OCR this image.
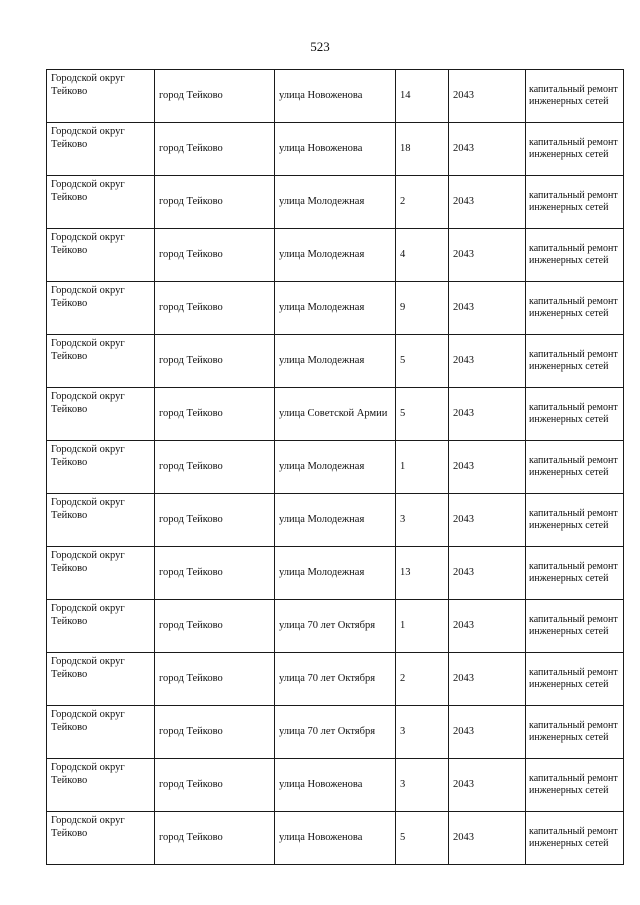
523
Городской округ Тейково	город Тейково	улица Новоженова	14	2043	капитальный ремонт инженерных сетей
Городской округ Тейково	город Тейково	улица Новоженова	18	2043	капитальный ремонт инженерных сетей
Городской округ Тейково	город Тейково	улица Молодежная	2	2043	капитальный ремонт инженерных сетей
Городской округ Тейково	город Тейково	улица Молодежная	4	2043	капитальный ремонт инженерных сетей
Городской округ Тейково	город Тейково	улица Молодежная	9	2043	капитальный ремонт инженерных сетей
Городской округ Тейково	город Тейково	улица Молодежная	5	2043	капитальный ремонт инженерных сетей
Городской округ Тейково	город Тейково	улица Советской Армии	5	2043	капитальный ремонт инженерных сетей
Городской округ Тейково	город Тейково	улица Молодежная	1	2043	капитальный ремонт инженерных сетей
Городской округ Тейково	город Тейково	улица Молодежная	3	2043	капитальный ремонт инженерных сетей
Городской округ Тейково	город Тейково	улица Молодежная	13	2043	капитальный ремонт инженерных сетей
Городской округ Тейково	город Тейково	улица 70 лет Октября	1	2043	капитальный ремонт инженерных сетей
Городской округ Тейково	город Тейково	улица 70 лет Октября	2	2043	капитальный ремонт инженерных сетей
Городской округ Тейково	город Тейково	улица 70 лет Октября	3	2043	капитальный ремонт инженерных сетей
Городской округ Тейково	город Тейково	улица Новоженова	3	2043	капитальный ремонт инженерных сетей
Городской округ Тейково	город Тейково	улица Новоженова	5	2043	капитальный ремонт инженерных сетей
